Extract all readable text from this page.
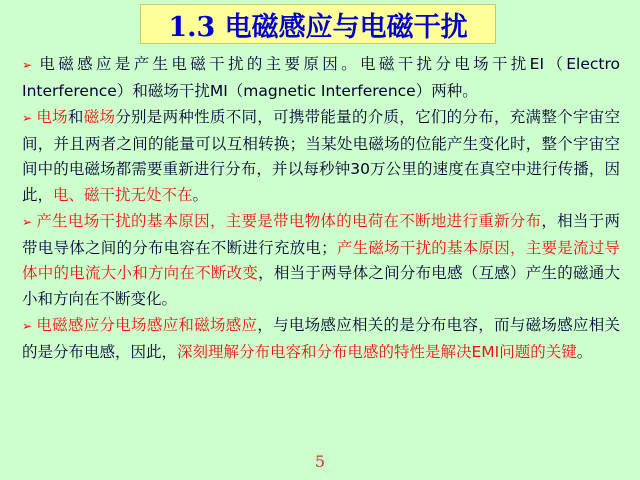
1.3 电磁感应与电磁干扰

➢ 电磁感应是产生电磁干扰的主要原因。电磁干扰分电场干扰EI（Electro Interference）和磁场干扰MI（magnetic Interference）两种。

➢ 电场和磁场分别是两种性质不同，可携带能量的介质，它们的分布，充满整个宇宙空间，并且两者之间的能量可以互相转换；当某处电磁场的位能产生变化时，整个宇宙空间中的电磁场都需要重新进行分布，并以每秒钟30万公里的速度在真空中进行传播，因此，电、磁干扰无处不在。

➢ 产生电场干扰的基本原因，主要是带电物体的电荷在不断地进行重新分布，相当于两带电导体之间的分布电容在不断进行充放电；产生磁场干扰的基本原因，主要是流过导体中的电流大小和方向在不断改变，相当于两导体之间分布电感（互感）产生的磁通大小和方向在不断变化。

➢ 电磁感应分电场感应和磁场感应，与电场感应相关的是分布电容，而与磁场感应相关的是分布电感，因此，深刻理解分布电容和分布电感的特性是解决EMI问题的关键。

5
